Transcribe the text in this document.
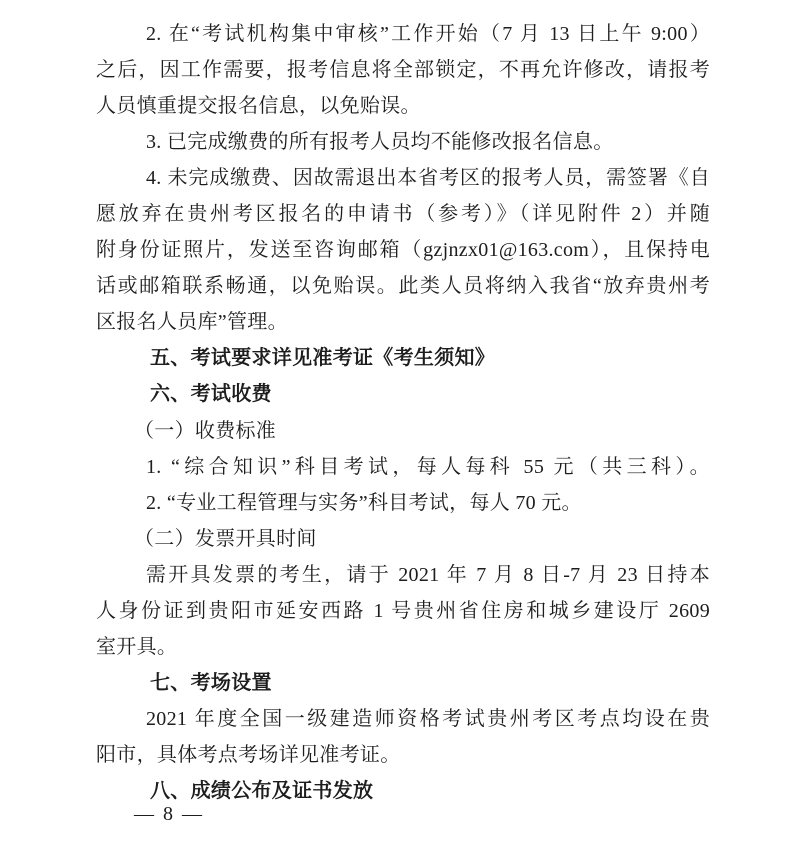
2. 在“考试机构集中审核”工作开始（7 月 13 日上午 9:00）
之后，因工作需要，报考信息将全部锁定，不再允许修改，请报考
人员慎重提交报名信息，以免贻误。
3. 已完成缴费的所有报考人员均不能修改报名信息。
4. 未完成缴费、因故需退出本省考区的报考人员，需签署《自
愿放弃在贵州考区报名的申请书（参考）》（详见附件 2）并随
附身份证照片，发送至咨询邮箱（gzjnzx01@163.com），且保持电
话或邮箱联系畅通，以免贻误。此类人员将纳入我省“放弃贵州考
区报名人员库”管理。
五、考试要求详见准考证《考生须知》
六、考试收费
（一）收费标准
1. “综合知识”科目考试，每人每科 55 元（共三科）。
2. “专业工程管理与实务”科目考试，每人 70 元。
（二）发票开具时间
需开具发票的考生，请于 2021 年 7 月 8 日-7 月 23 日持本
人身份证到贵阳市延安西路 1 号贵州省住房和城乡建设厅 2609
室开具。
七、考场设置
2021 年度全国一级建造师资格考试贵州考区考点均设在贵
阳市，具体考点考场详见准考证。
八、成绩公布及证书发放
— 8 —
